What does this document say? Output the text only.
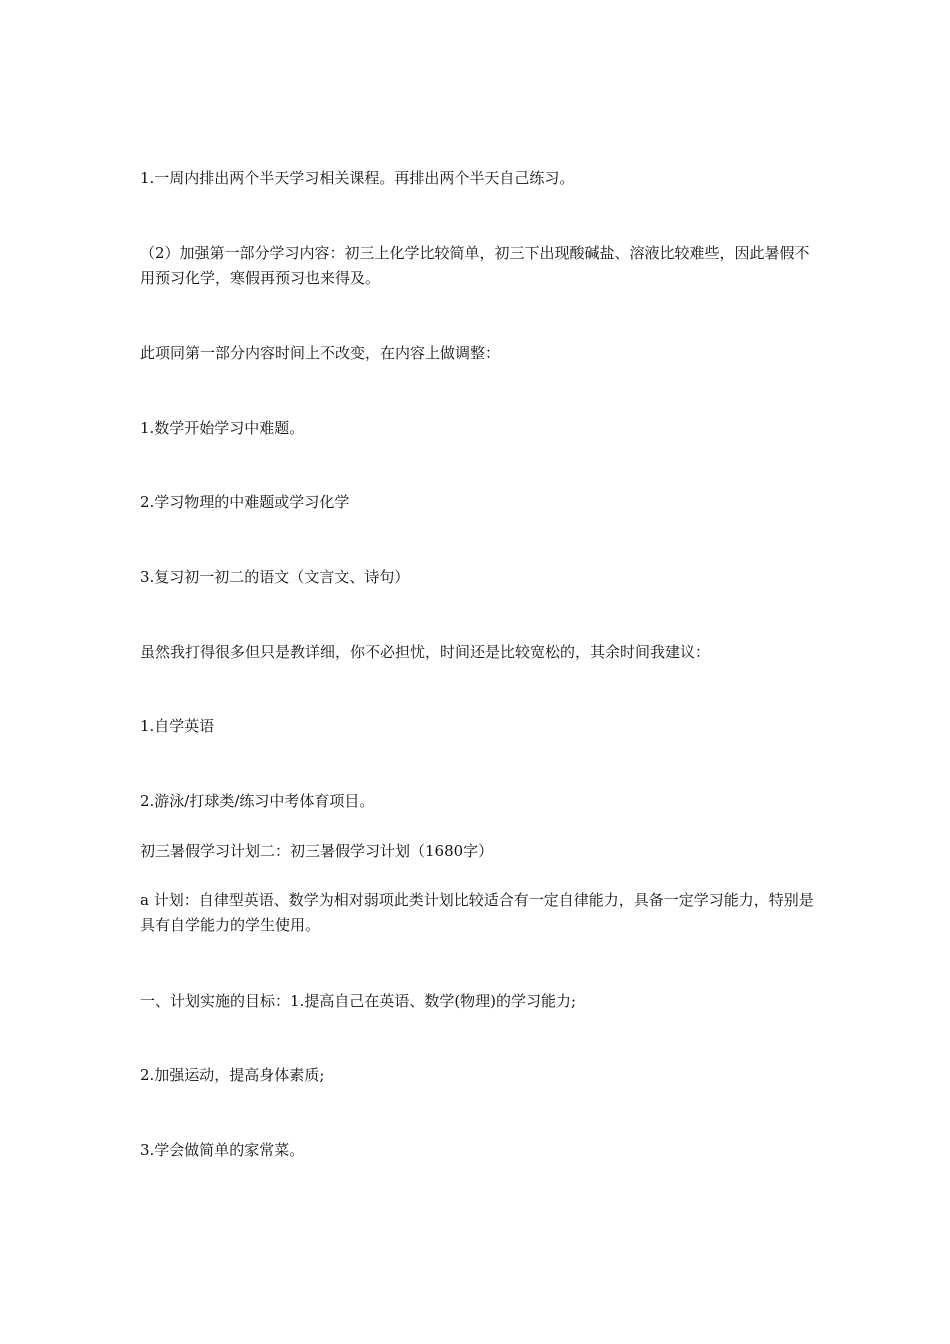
1.一周内排出两个半天学习相关课程。再排出两个半天自己练习。

（2）加强第一部分学习内容：初三上化学比较简单，初三下出现酸碱盐、溶液比较难些，因此暑假不用预习化学，寒假再预习也来得及。

此项同第一部分内容时间上不改变，在内容上做调整：

1.数学开始学习中难题。

2.学习物理的中难题或学习化学

3.复习初一初二的语文（文言文、诗句）

虽然我打得很多但只是教详细，你不必担忧，时间还是比较宽松的，其余时间我建议：

1.自学英语

2.游泳/打球类/练习中考体育项目。

初三暑假学习计划二：初三暑假学习计划（1680字）

a 计划：自律型英语、数学为相对弱项此类计划比较适合有一定自律能力，具备一定学习能力，特别是具有自学能力的学生使用。

一、计划实施的目标：1.提高自己在英语、数学(物理)的学习能力;

2.加强运动，提高身体素质;

3.学会做简单的家常菜。
